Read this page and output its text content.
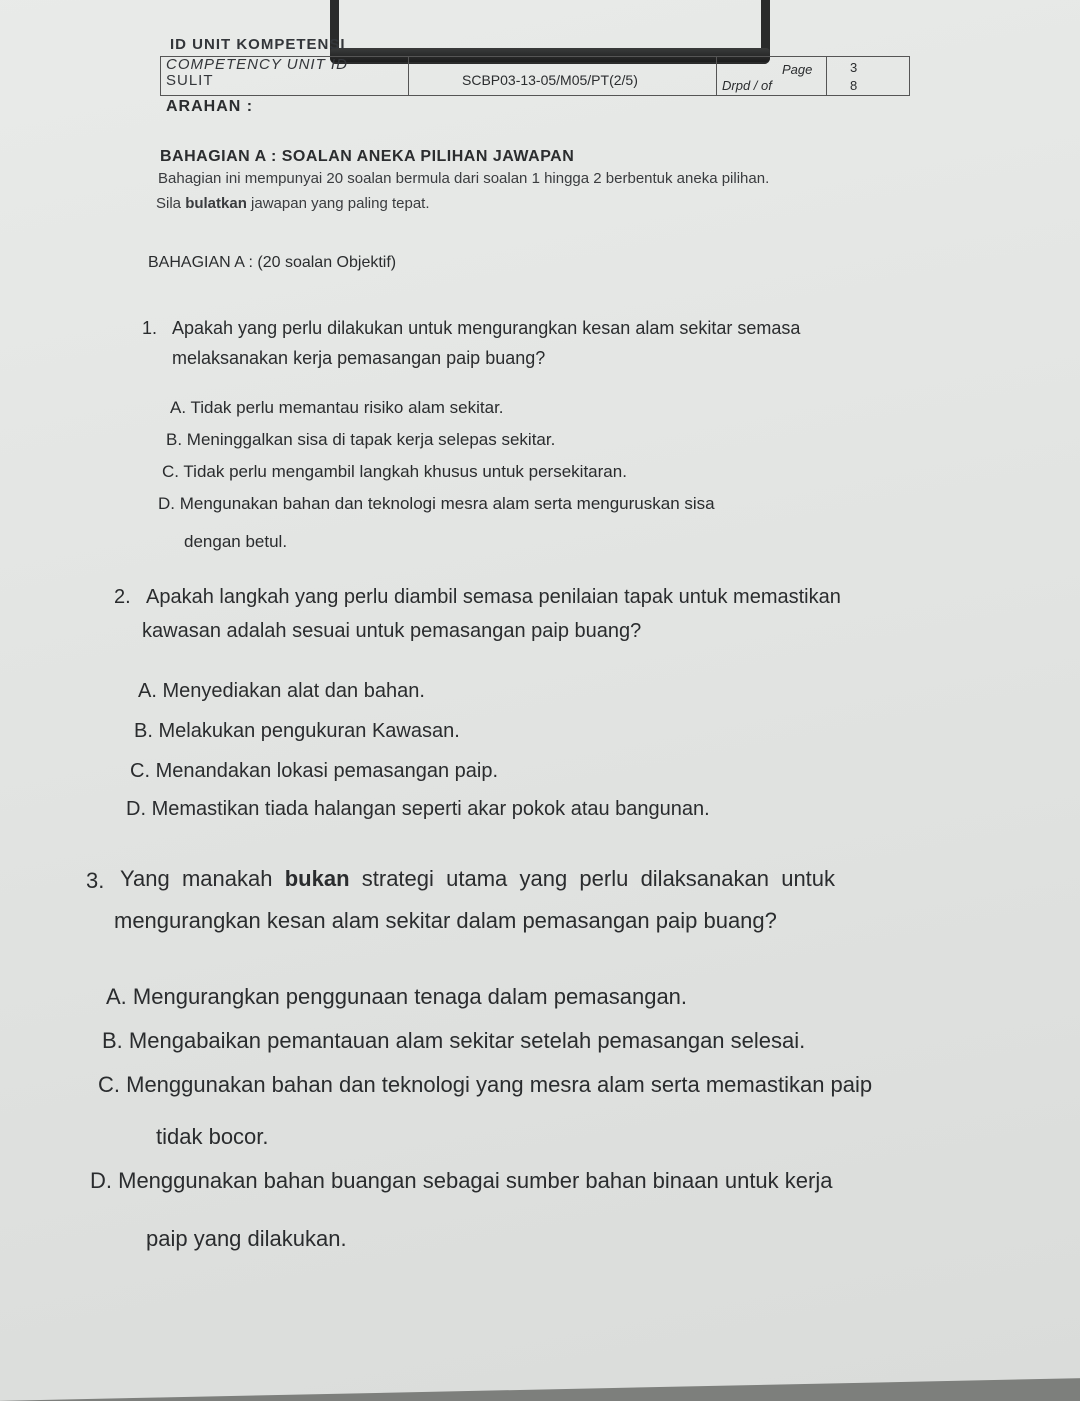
ID UNIT KOMPETENSI
COMPETENCY UNIT ID
SULIT	SCBP03-13-05/M05/PT(2/5)
Page	3
Drpd / of	8
ARAHAN :
BAHAGIAN A : SOALAN ANEKA PILIHAN JAWAPAN
Bahagian ini mempunyai 20 soalan bermula dari soalan 1 hingga 2 berbentuk aneka pilihan.
Sila bulatkan jawapan yang paling tepat.
BAHAGIAN A : (20 soalan Objektif)
1. Apakah yang perlu dilakukan untuk mengurangkan kesan alam sekitar semasa
melaksanakan kerja pemasangan paip buang?
A. Tidak perlu memantau risiko alam sekitar.
B. Meninggalkan sisa di tapak kerja selepas sekitar.
C. Tidak perlu mengambil langkah khusus untuk persekitaran.
D. Mengunakan bahan dan teknologi mesra alam serta menguruskan sisa
dengan betul.
2. Apakah langkah yang perlu diambil semasa penilaian tapak untuk memastikan
kawasan adalah sesuai untuk pemasangan paip buang?
A. Menyediakan alat dan bahan.
B. Melakukan pengukuran Kawasan.
C. Menandakan lokasi pemasangan paip.
D. Memastikan tiada halangan seperti akar pokok atau bangunan.
3. Yang  manakah bukan strategi  utama  yang  perlu  dilaksanakan  untuk
mengurangkan kesan alam sekitar dalam pemasangan paip buang?
A. Mengurangkan penggunaan tenaga dalam pemasangan.
B. Mengabaikan pemantauan alam sekitar setelah pemasangan selesai.
C. Menggunakan bahan dan teknologi yang mesra alam serta memastikan paip
tidak bocor.
D. Menggunakan bahan buangan sebagai sumber bahan binaan untuk kerja
paip yang dilakukan.
